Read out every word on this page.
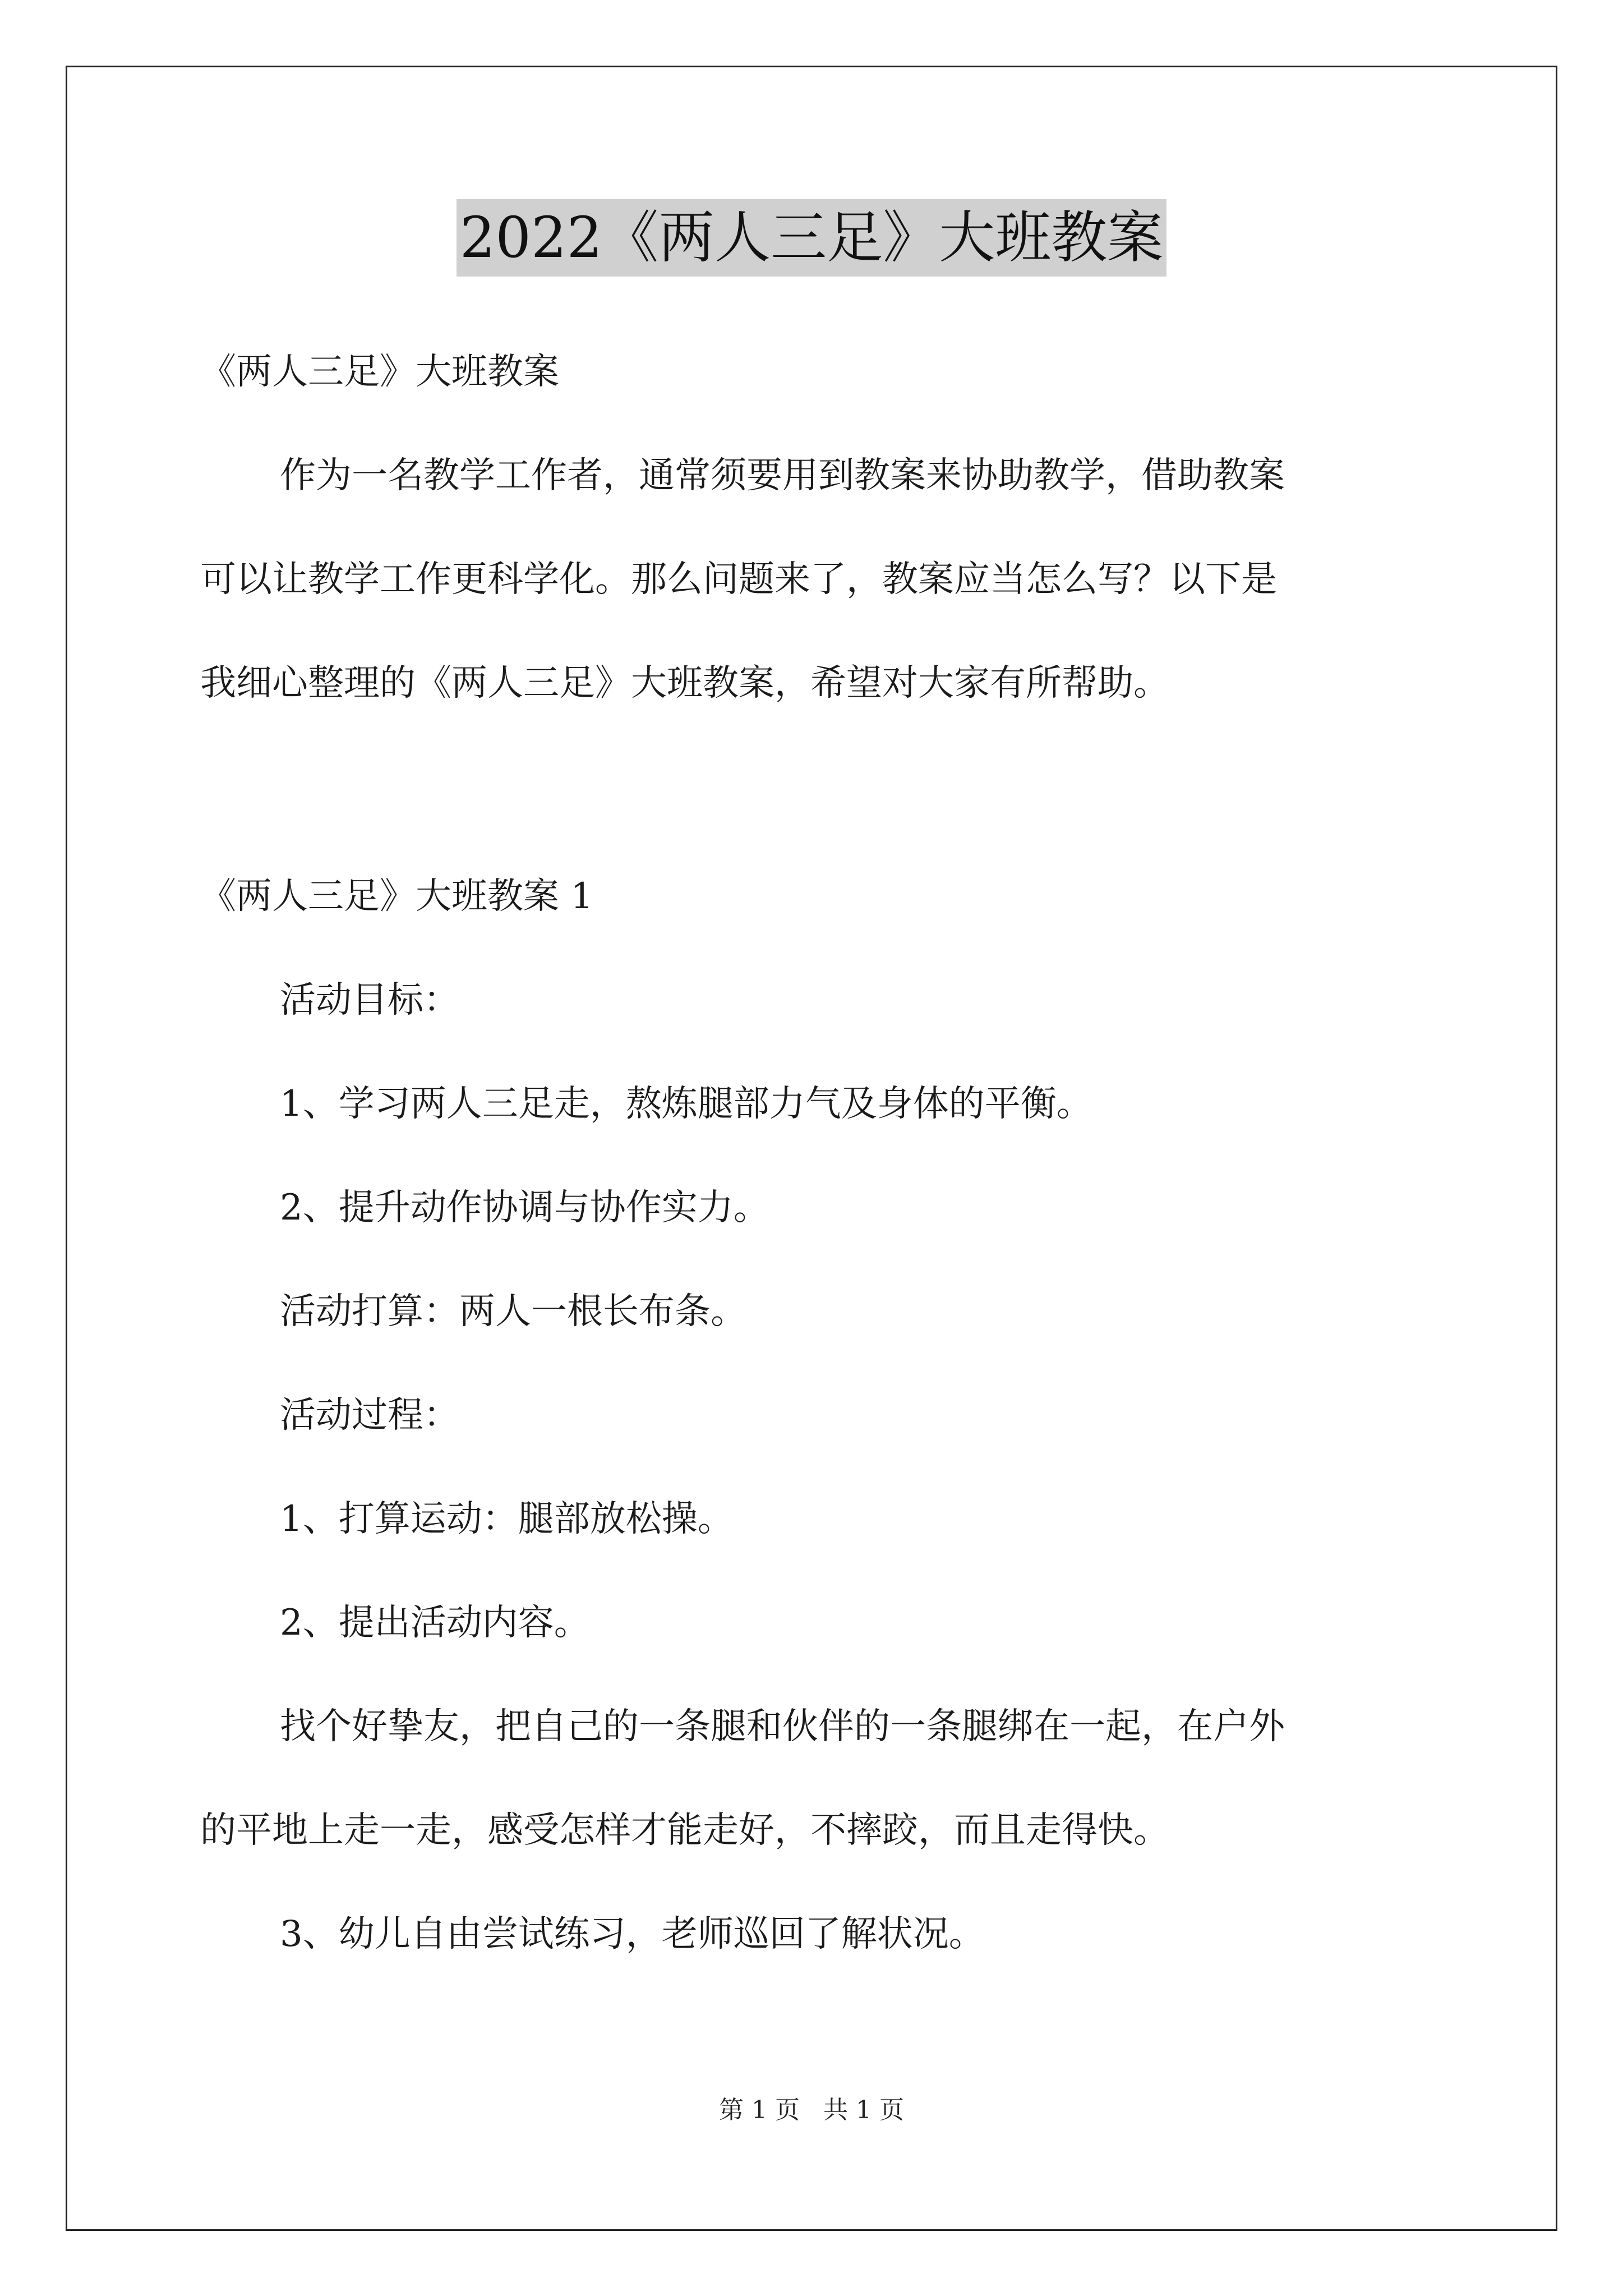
2022《两人三足》大班教案
《两人三足》大班教案
作为一名教学工作者，通常须要用到教案来协助教学，借助教案
可以让教学工作更科学化。那么问题来了，教案应当怎么写？以下是
我细心整理的《两人三足》大班教案，希望对大家有所帮助。
《两人三足》大班教案 1
活动目标：
1、学习两人三足走，熬炼腿部力气及身体的平衡。
2、提升动作协调与协作实力。
活动打算：两人一根长布条。
活动过程：
1、打算运动：腿部放松操。
2、提出活动内容。
找个好挚友，把自己的一条腿和伙伴的一条腿绑在一起，在户外
的平地上走一走，感受怎样才能走好，不摔跤，而且走得快。
3、幼儿自由尝试练习，老师巡回了解状况。
第 1 页 共 1 页
